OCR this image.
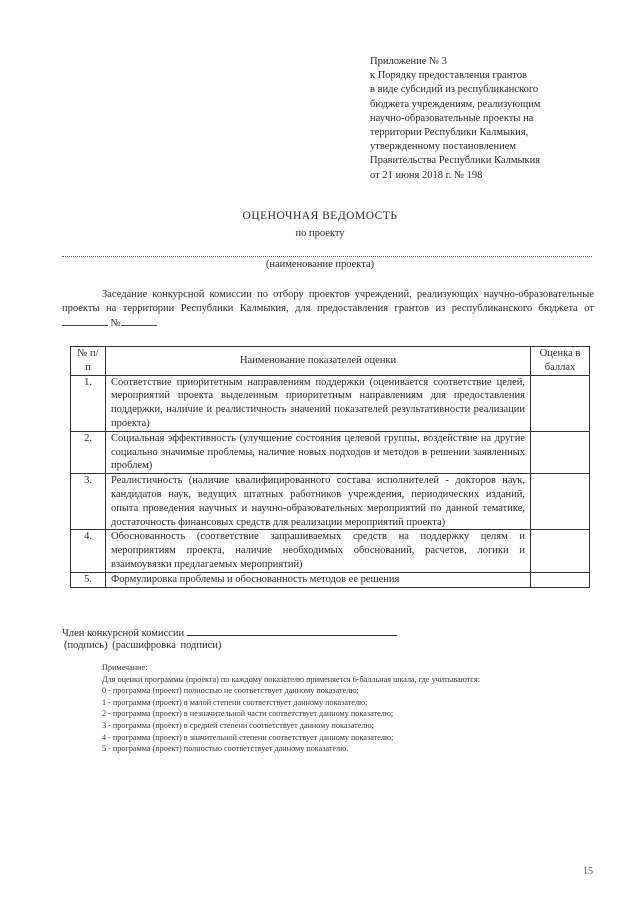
Приложение № 3
к Порядку предоставления грантов
в виде субсидий из республиканского
бюджета учреждениям, реализующим
научно-образовательные проекты на
территории Республики Калмыкия,
утвержденному постановлением
Правительства Республики Калмыкия
от 21 июня 2018 г. № 198
ОЦЕНОЧНАЯ ВЕДОМОСТЬ
по проекту
(наименование проекта)

Заседание конкурсной комиссии по отбору проектов учреждений, реализующих научно-образовательные проекты на территории Республики Калмыкия, для предоставления грантов из республиканского бюджета от  №

№ п/п	Наименование показателей оценки	Оценка в баллах
1.	Соответствие приоритетным направлениям поддержки (оценивается соответствие целей, мероприятий проекта выделенным приоритетным направлениям для предоставления поддержки, наличие и реалистичность значений показателей результативности реализации проекта)	
2.	Социальная эффективность (улучшение состояния целевой группы, воздействие на другие социально значимые проблемы, наличие новых подходов и методов в решении заявленных проблем)	
3.	Реалистичность (наличие квалифицированного состава исполнителей - докторов наук, кандидатов наук, ведущих штатных работников учреждения, периодических изданий, опыта проведения научных и научно-образовательных мероприятий по данной тематике, достаточность финансовых средств для реализации мероприятий проекта)	
4.	Обоснованность (соответствие запрашиваемых средств на поддержку целям и мероприятиям проекта, наличие необходимых обоснований, расчетов, логики и взаимоувязки предлагаемых мероприятий)	
5.	Формулировка проблемы и обоснованность методов ее решения	
Член конкурсной комиссии
(подпись) (расшифровка подписи)
Примечание:
Для оценки программы (проекта) по каждому показателю применяется 6-балльная шкала, где учитываются:
0 - программа (проект) полностью не соответствует данному показателю;
1 - программа (проект) в малой степени соответствует данному показателю;
2 - программа (проект) в незначительной части соответствует данному показателю;
3 - программа (проект) в средней степени соответствует данному показателю;
4 - программа (проект) в значительной степени соответствует данному показателю;
5 - программа (проект) полностью соответствует данному показателю.
15
